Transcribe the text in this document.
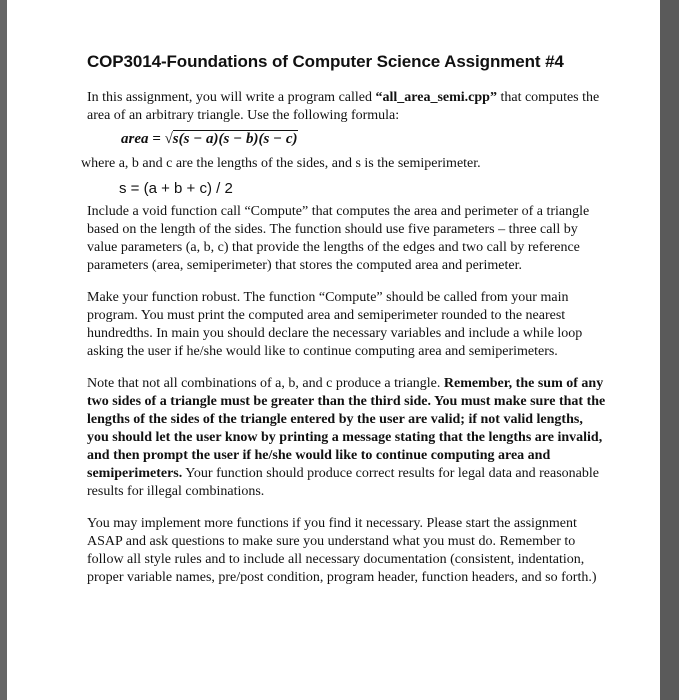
COP3014-Foundations of Computer Science Assignment #4

In this assignment, you will write a program called “all_area_semi.cpp” that computes the area of an arbitrary triangle. Use the following formula:

area = √s(s − a)(s − b)(s − c)

where a, b and c are the lengths of the sides, and s is the semiperimeter.

s = (a + b + c) / 2

Include a void function call “Compute” that computes the area and perimeter of a triangle based on the length of the sides. The function should use five parameters – three call by value parameters (a, b, c) that provide the lengths of the edges and two call by reference parameters (area, semiperimeter) that stores the computed area and perimeter.

Make your function robust. The function “Compute” should be called from your main program. You must print the computed area and semiperimeter rounded to the nearest hundredths. In main you should declare the necessary variables and include a while loop asking the user if he/she would like to continue computing area and semiperimeters.

Note that not all combinations of a, b, and c produce a triangle. Remember, the sum of any two sides of a triangle must be greater than the third side. You must make sure that the lengths of the sides of the triangle entered by the user are valid; if not valid lengths, you should let the user know by printing a message stating that the lengths are invalid, and then prompt the user if he/she would like to continue computing area and semiperimeters. Your function should produce correct results for legal data and reasonable results for illegal combinations.

You may implement more functions if you find it necessary. Please start the assignment ASAP and ask questions to make sure you understand what you must do. Remember to follow all style rules and to include all necessary documentation (consistent, indentation, proper variable names, pre/post condition, program header, function headers, and so forth.)
